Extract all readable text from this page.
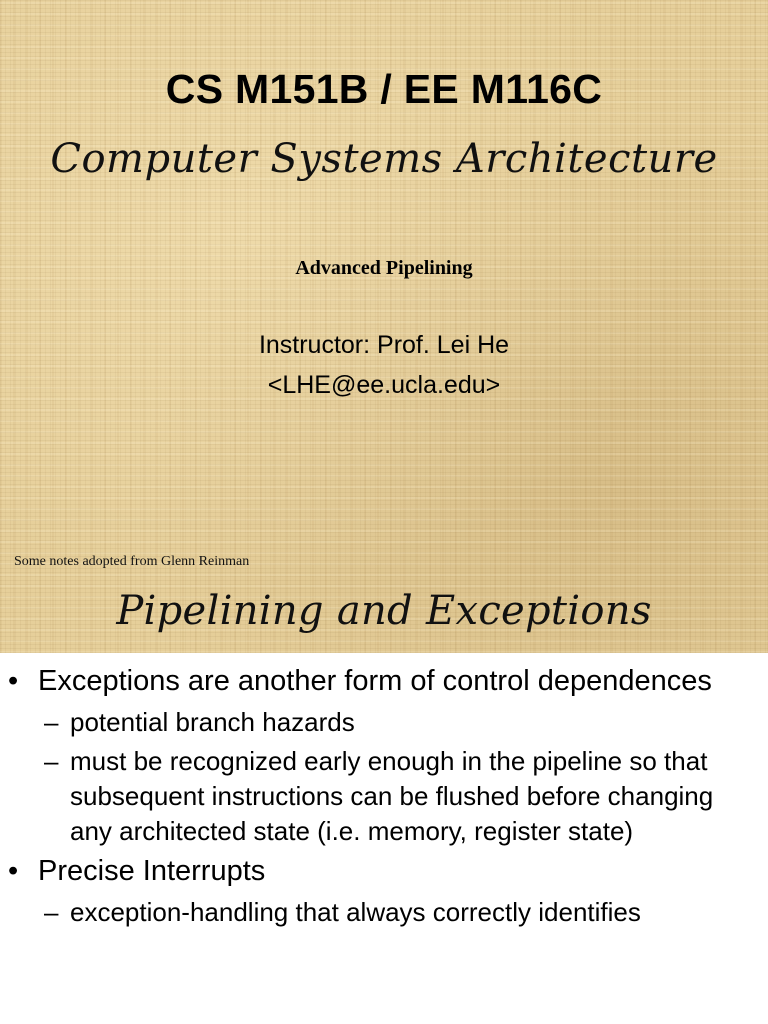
CS M151B / EE M116C
Computer Systems Architecture
Advanced Pipelining
Instructor: Prof. Lei He
<LHE@ee.ucla.edu>
Some notes adopted from Glenn Reinman
Pipelining and Exceptions
• Exceptions are another form of control dependences
– potential branch hazards
– must be recognized early enough in the pipeline so that subsequent instructions can be flushed before changing any architected state (i.e. memory, register state)
• Precise Interrupts
– exception-handling that always correctly identifies
